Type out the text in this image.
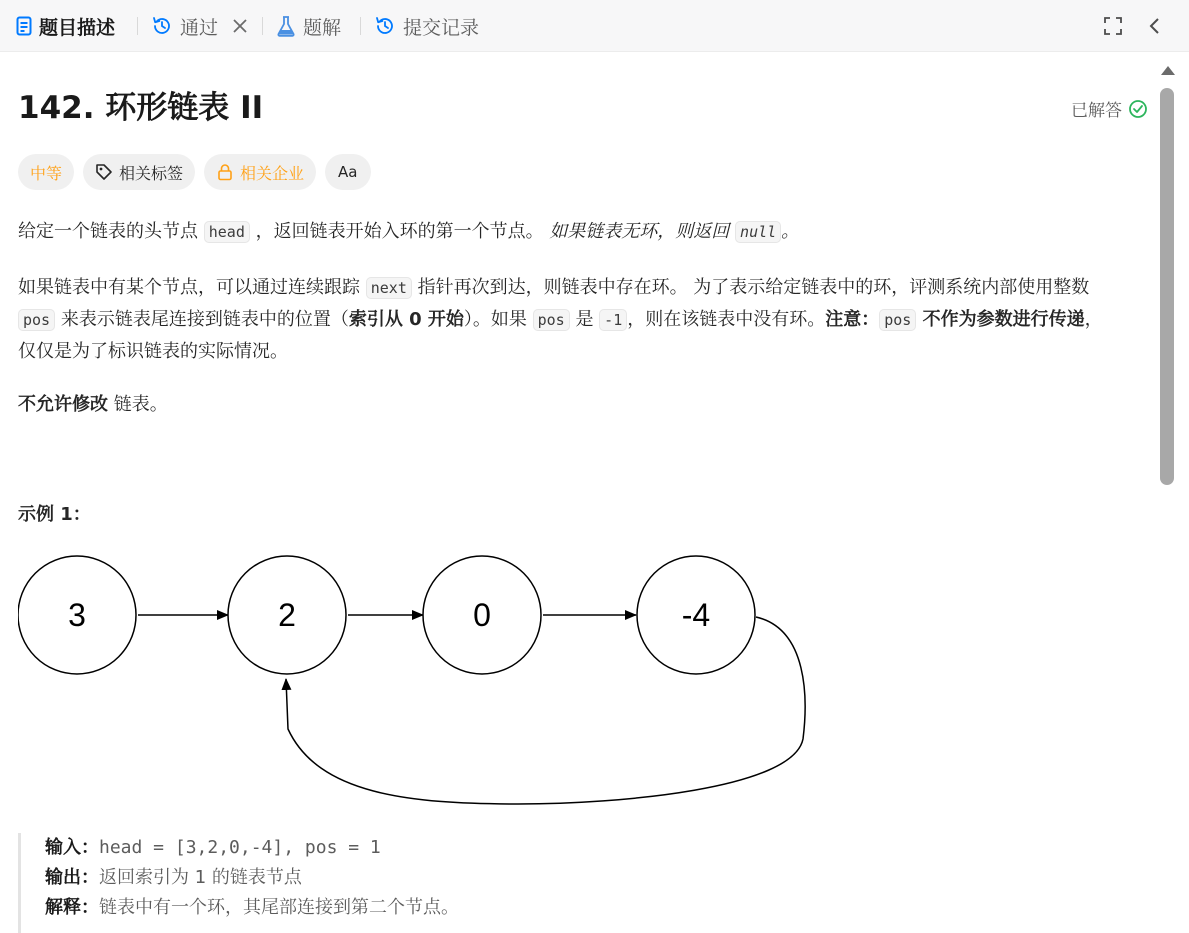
题目描述	通过	题解	提交记录
142. 环形链表 II	已解答
中等	相关标签	相关企业 Aa

给定一个链表的头节点 head ，返回链表开始入环的第一个节点。 如果链表无环，则返回 null 。

如果链表中有某个节点，可以通过连续跟踪 next 指针再次到达，则链表中存在环。 为了表示给定链表中的环，评测系统内部使用整数 pos 来表示链表尾连接到链表中的位置（索引从 0 开始）。如果 pos 是 -1 ，则在该链表中没有环。注意： pos 不作为参数进行传递，仅仅是为了标识链表的实际情况。

不允许修改 链表。

示例 1：

3	2	0	-4
输入：head = [3,2,0,-4], pos = 1
输出：返回索引为 1 的链表节点
解释：链表中有一个环，其尾部连接到第二个节点。
